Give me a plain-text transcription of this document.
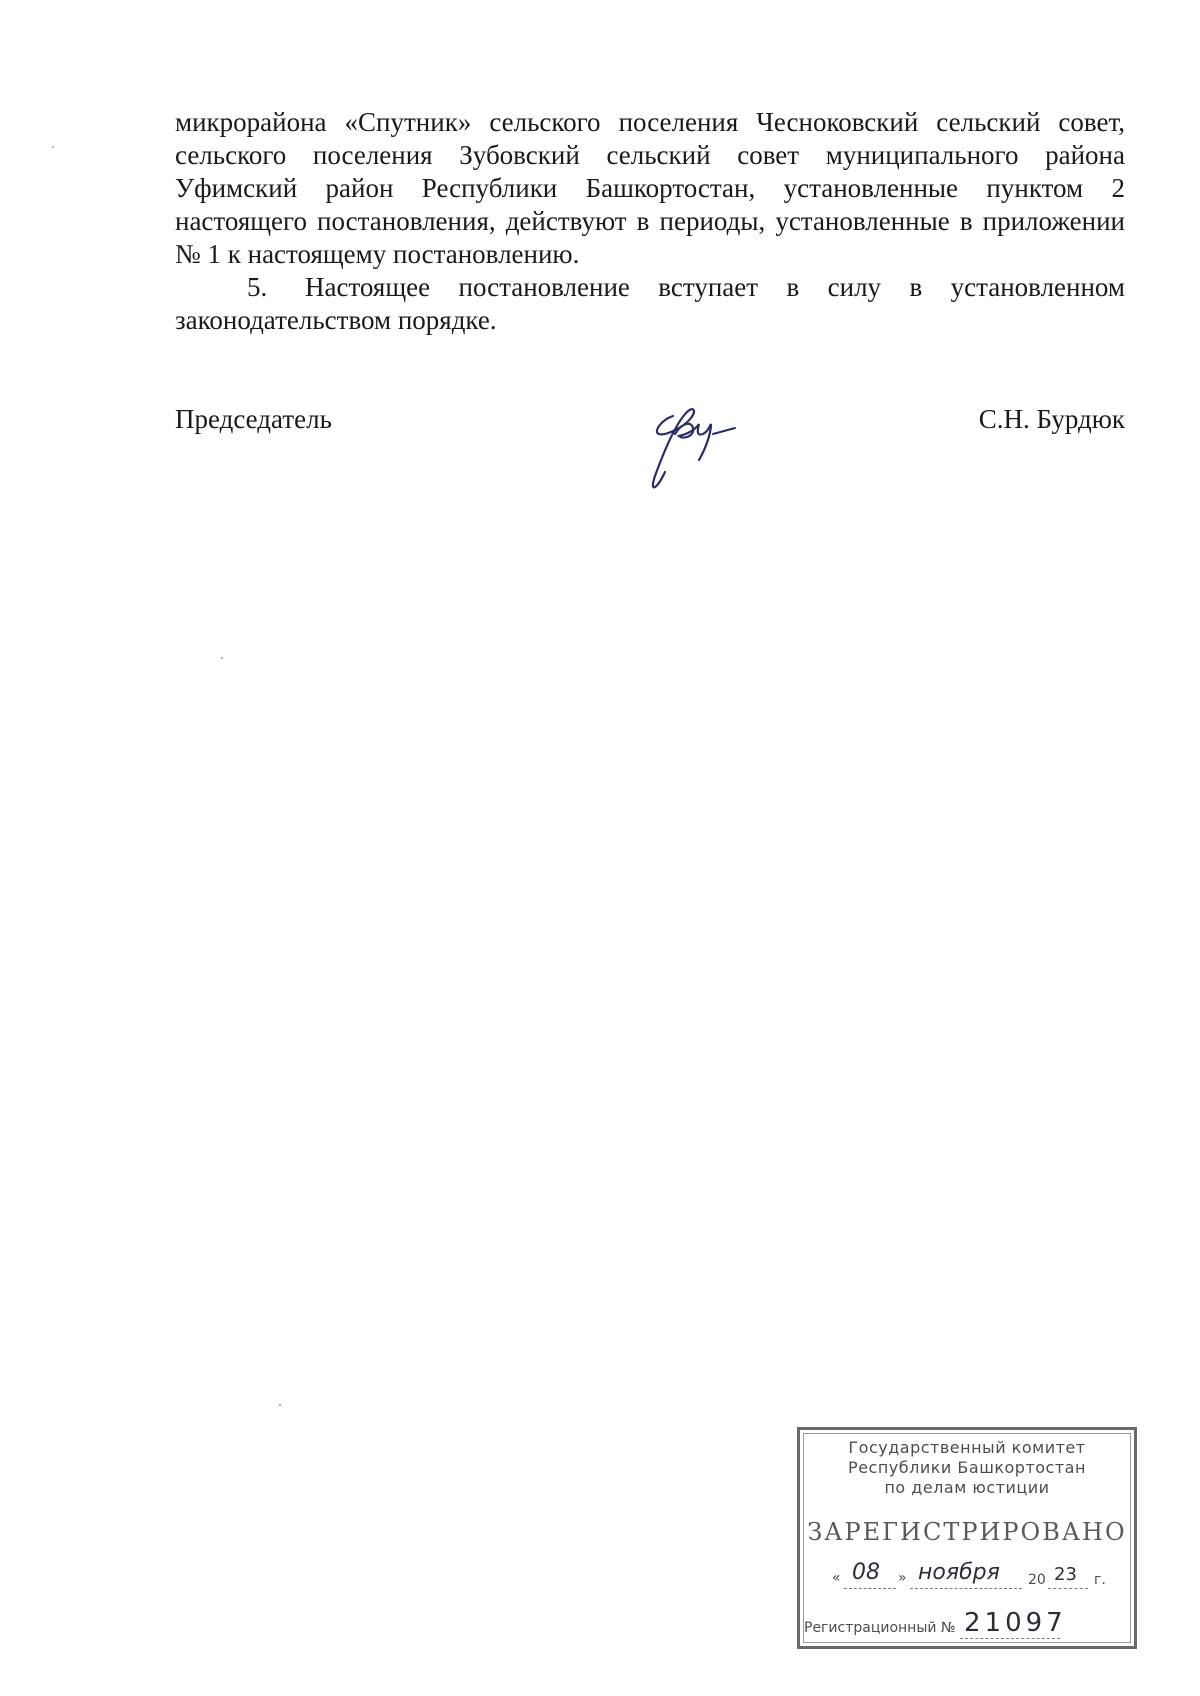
микрорайона «Спутник» сельского поселения Чесноковский сельский совет, сельского поселения Зубовский сельский совет муниципального района Уфимский район Республики Башкортостан, установленные пунктом 2 настоящего постановления, действуют в периоды, установленные в приложении № 1 к настоящему постановлению.

5. Настоящее постановление вступает в силу в установленном законодательством порядке.

Председатель	С.Н. Бурдюк
Государственный комитет
Республики Башкортостан
по делам юстиции
ЗАРЕГИСТРИРОВАНО
« 08 » ноября 20 23 г.
Регистрационный № 21097
